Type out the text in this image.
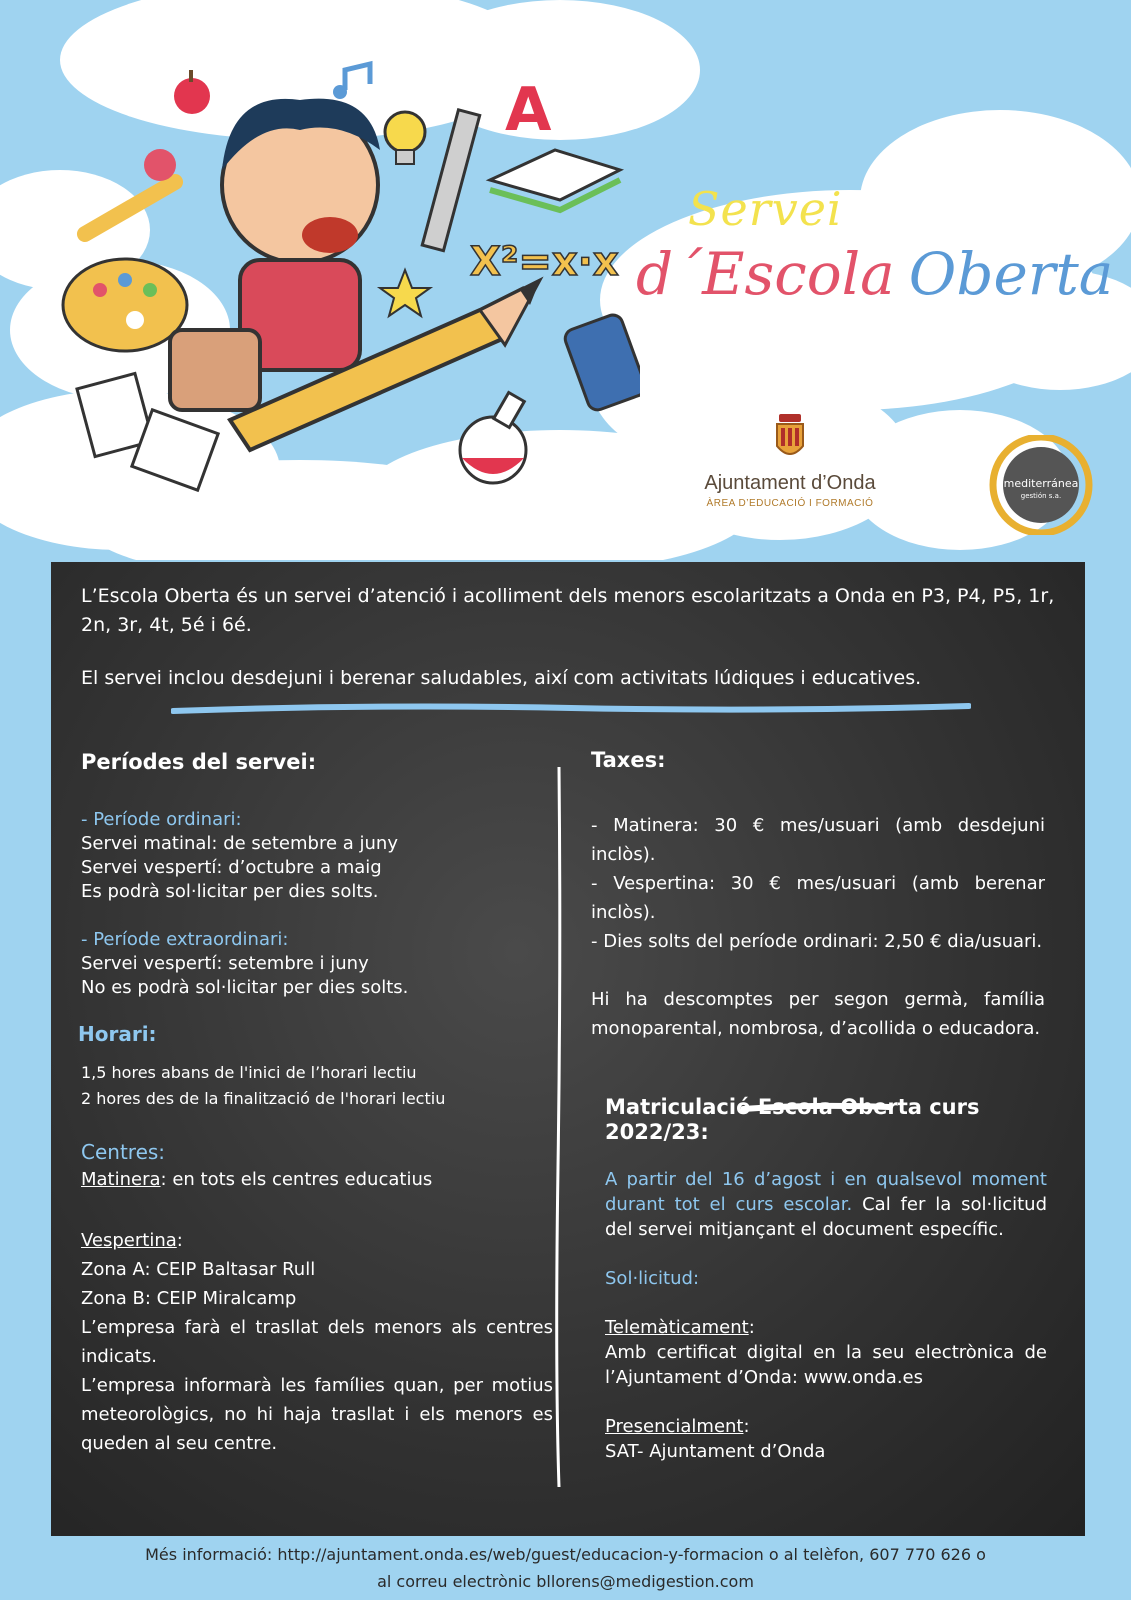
A
X²=x·x
Servei
d´Escola Oberta
Ajuntament d’Onda
ÀREA D’EDUCACIÓ I FORMACIÓ
mediterránea
gestión s.a.

L’Escola Oberta és un servei d’atenció i acolliment dels menors escolaritzats a Onda en P3, P4, P5, 1r, 2n, 3r, 4t, 5é i 6é.

El servei inclou desdejuni i berenar saludables, així com activitats lúdiques i educatives.

Períodes del servei:
- Període ordinari:
Servei matinal: de setembre a juny
Servei vespertí: d’octubre a maig
Es podrà sol·licitar per dies solts.
- Període extraordinari:
Servei vespertí: setembre i juny
No es podrà sol·licitar per dies solts.
Horari:
1,5 hores abans de l'inici de l’horari lectiu
2 hores des de la finalització de l'horari lectiu
Centres:
Matinera: en tots els centres educatius
Vespertina:
Zona A: CEIP Baltasar Rull
Zona B: CEIP Miralcamp

L’empresa farà el trasllat dels menors als centres indicats.

L’empresa informarà les famílies quan, per motius meteorològics, no hi haja trasllat i els menors es queden al seu centre.

Taxes:

- Matinera: 30 € mes/usuari (amb desdejuni inclòs).

- Vespertina: 30 € mes/usuari (amb berenar inclòs).

- Dies solts del període ordinari: 2,50 € dia/usuari.

Hi ha descomptes per segon germà, família monoparental, nombrosa, d’acollida o educadora.

Matriculació Escola Oberta curs 2022/23:

A partir del 16 d’agost i en qualsevol moment durant tot el curs escolar. Cal fer la sol·licitud del servei mitjançant el document específic.

Sol·licitud:

Telemàticament:

Amb certificat digital en la seu electrònica de l’Ajuntament d’Onda: www.onda.es

Presencialment:

SAT- Ajuntament d’Onda

Més informació: http://ajuntament.onda.es/web/guest/educacion-y-formacion o al telèfon, 607 770 626 o
al correu electrònic bllorens@medigestion.com
